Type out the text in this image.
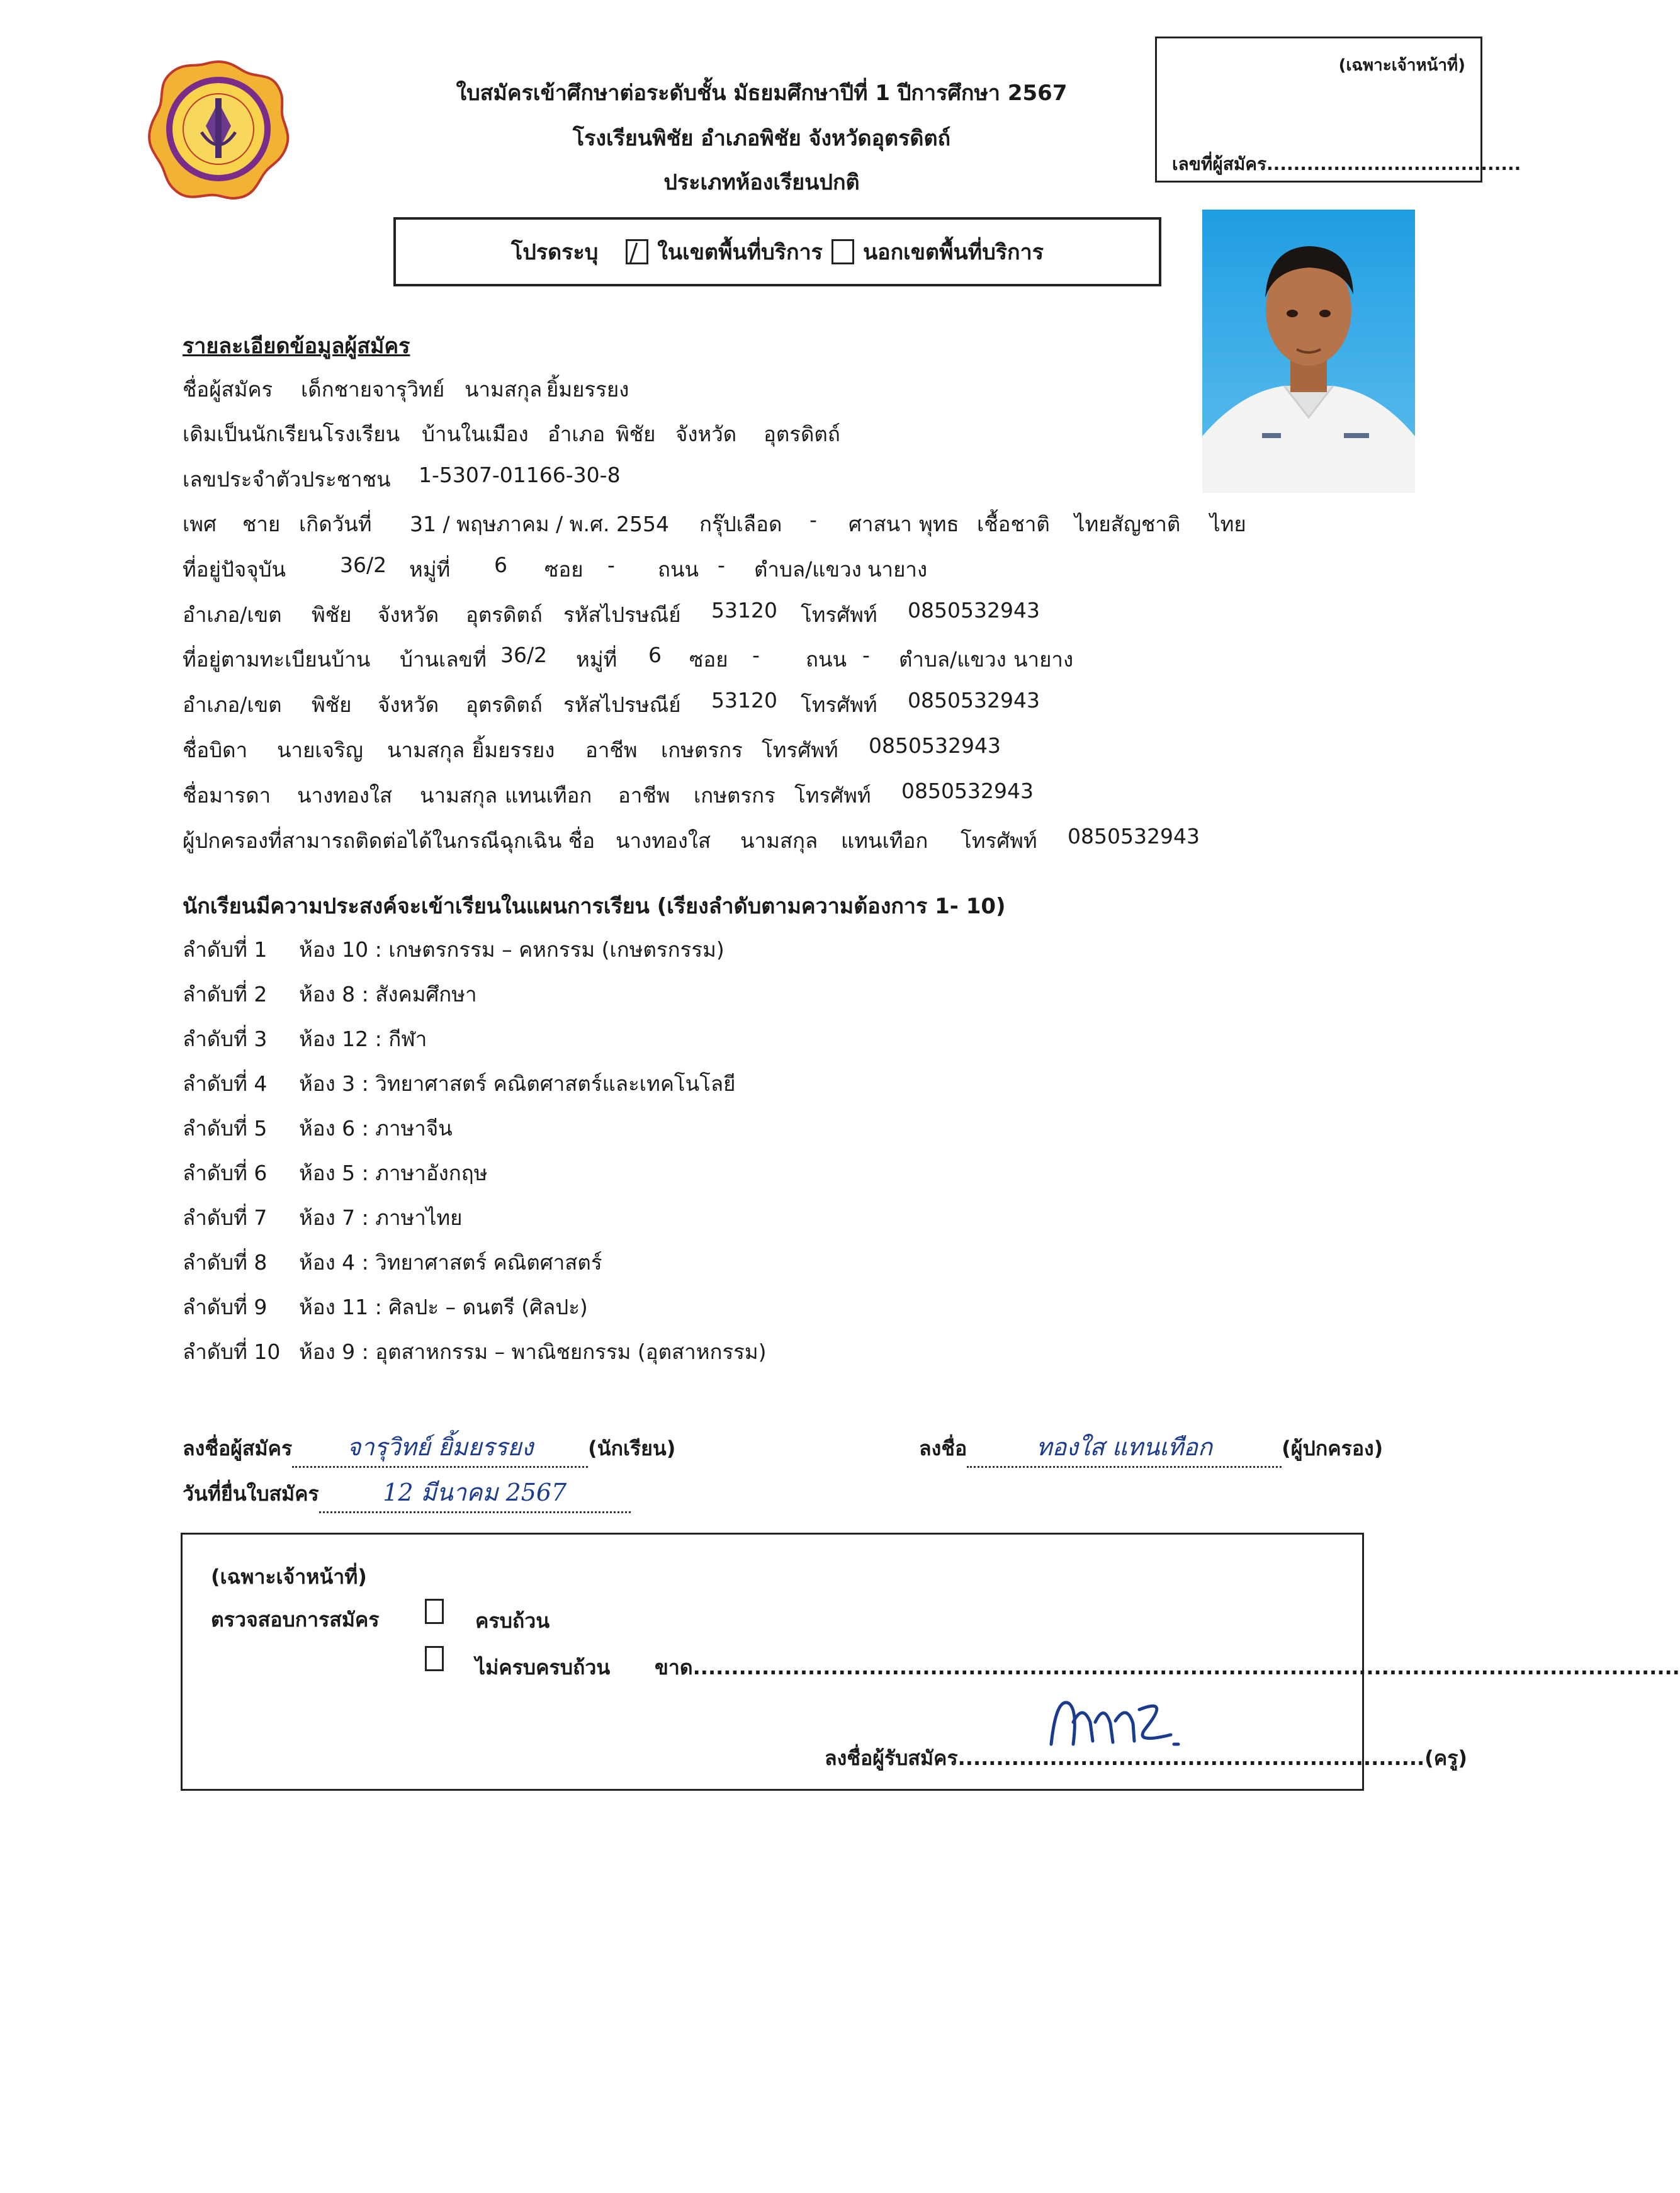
ใบสมัครเข้าศึกษาต่อระดับชั้น มัธยมศึกษาปีที่ 1 ปีการศึกษา 2567
โรงเรียนพิชัย อำเภอพิชัย จังหวัดอุตรดิตถ์
ประเภทห้องเรียนปกติ
(เฉพาะเจ้าหน้าที่)
เลขที่ผู้สมัคร......................................
โปรดระบุ	ในเขตพื้นที่บริการ นอกเขตพื้นที่บริการ
รายละเอียดข้อมูลผู้สมัคร
ชื่อผู้สมัคร	เด็กชายจารุวิทย์ นามสกุล ยิ้มยรรยง
เดิมเป็นนักเรียนโรงเรียน	บ้านในเมือง อำเภอ พิชัย จังหวัด	อุตรดิตถ์
เลขประจำตัวประชาชน	1-5307-01166-30-8
เพศ	ชาย เกิดวันที่	31 / พฤษภาคม / พ.ศ. 2554	กรุ๊ปเลือด	-	ศาสนา พุทธ เชื้อชาติ	ไทยสัญชาติ	ไทย
ที่อยู่ปัจจุบัน	36/2	หมู่ที่	6	ซอย	-	ถนน -	ตำบล/แขวง นายาง
อำเภอ/เขต	พิชัย	จังหวัด	อุตรดิตถ์	รหัสไปรษณีย์	53120	โทรศัพท์	0850532943
ที่อยู่ตามทะเบียนบ้าน	บ้านเลขที่ 36/2	หมู่ที่	6	ซอย	-	ถนน -	ตำบล/แขวง นายาง
อำเภอ/เขต	พิชัย	จังหวัด	อุตรดิตถ์	รหัสไปรษณีย์	53120	โทรศัพท์	0850532943
ชื่อบิดา	นายเจริญ	นามสกุล ยิ้มยรรยง	อาชีพ	เกษตรกร โทรศัพท์	0850532943
ชื่อมารดา	นางทองใส	นามสกุล แทนเทือก	อาชีพ	เกษตรกร โทรศัพท์	0850532943
ผู้ปกครองที่สามารถติดต่อได้ในกรณีฉุกเฉิน ชื่อ นางทองใส	นามสกุล	แทนเทือก	โทรศัพท์	0850532943
นักเรียนมีความประสงค์จะเข้าเรียนในแผนการเรียน (เรียงลำดับตามความต้องการ 1- 10)
ลำดับที่ 1 ห้อง 10 : เกษตรกรรม – คหกรรม (เกษตรกรรม)
ลำดับที่ 2 ห้อง 8 : สังคมศึกษา
ลำดับที่ 3 ห้อง 12 : กีฬา
ลำดับที่ 4 ห้อง 3 : วิทยาศาสตร์ คณิตศาสตร์และเทคโนโลยี
ลำดับที่ 5 ห้อง 6 : ภาษาจีน
ลำดับที่ 6 ห้อง 5 : ภาษาอังกฤษ
ลำดับที่ 7 ห้อง 7 : ภาษาไทย
ลำดับที่ 8 ห้อง 4 : วิทยาศาสตร์ คณิตศาสตร์
ลำดับที่ 9 ห้อง 11 : ศิลปะ – ดนตรี (ศิลปะ)
ลำดับที่ 10 ห้อง 9 : อุตสาหกรรม – พาณิชยกรรม (อุตสาหกรรม)
ลงชื่อผู้สมัคร จารุวิทย์ ยิ้มยรรยง	(นักเรียน)	ลงชื่อ	ทองใส แทนเทือก	(ผู้ปกครอง)
วันที่ยื่นใบสมัคร	12 มีนาคม 2567
(เฉพาะเจ้าหน้าที่)
ตรวจสอบการสมัคร	ครบถ้วน
ไม่ครบครบถ้วน ขาด.................................................................................................................................
ลงชื่อผู้รับสมัคร.............................................................(ครู)
